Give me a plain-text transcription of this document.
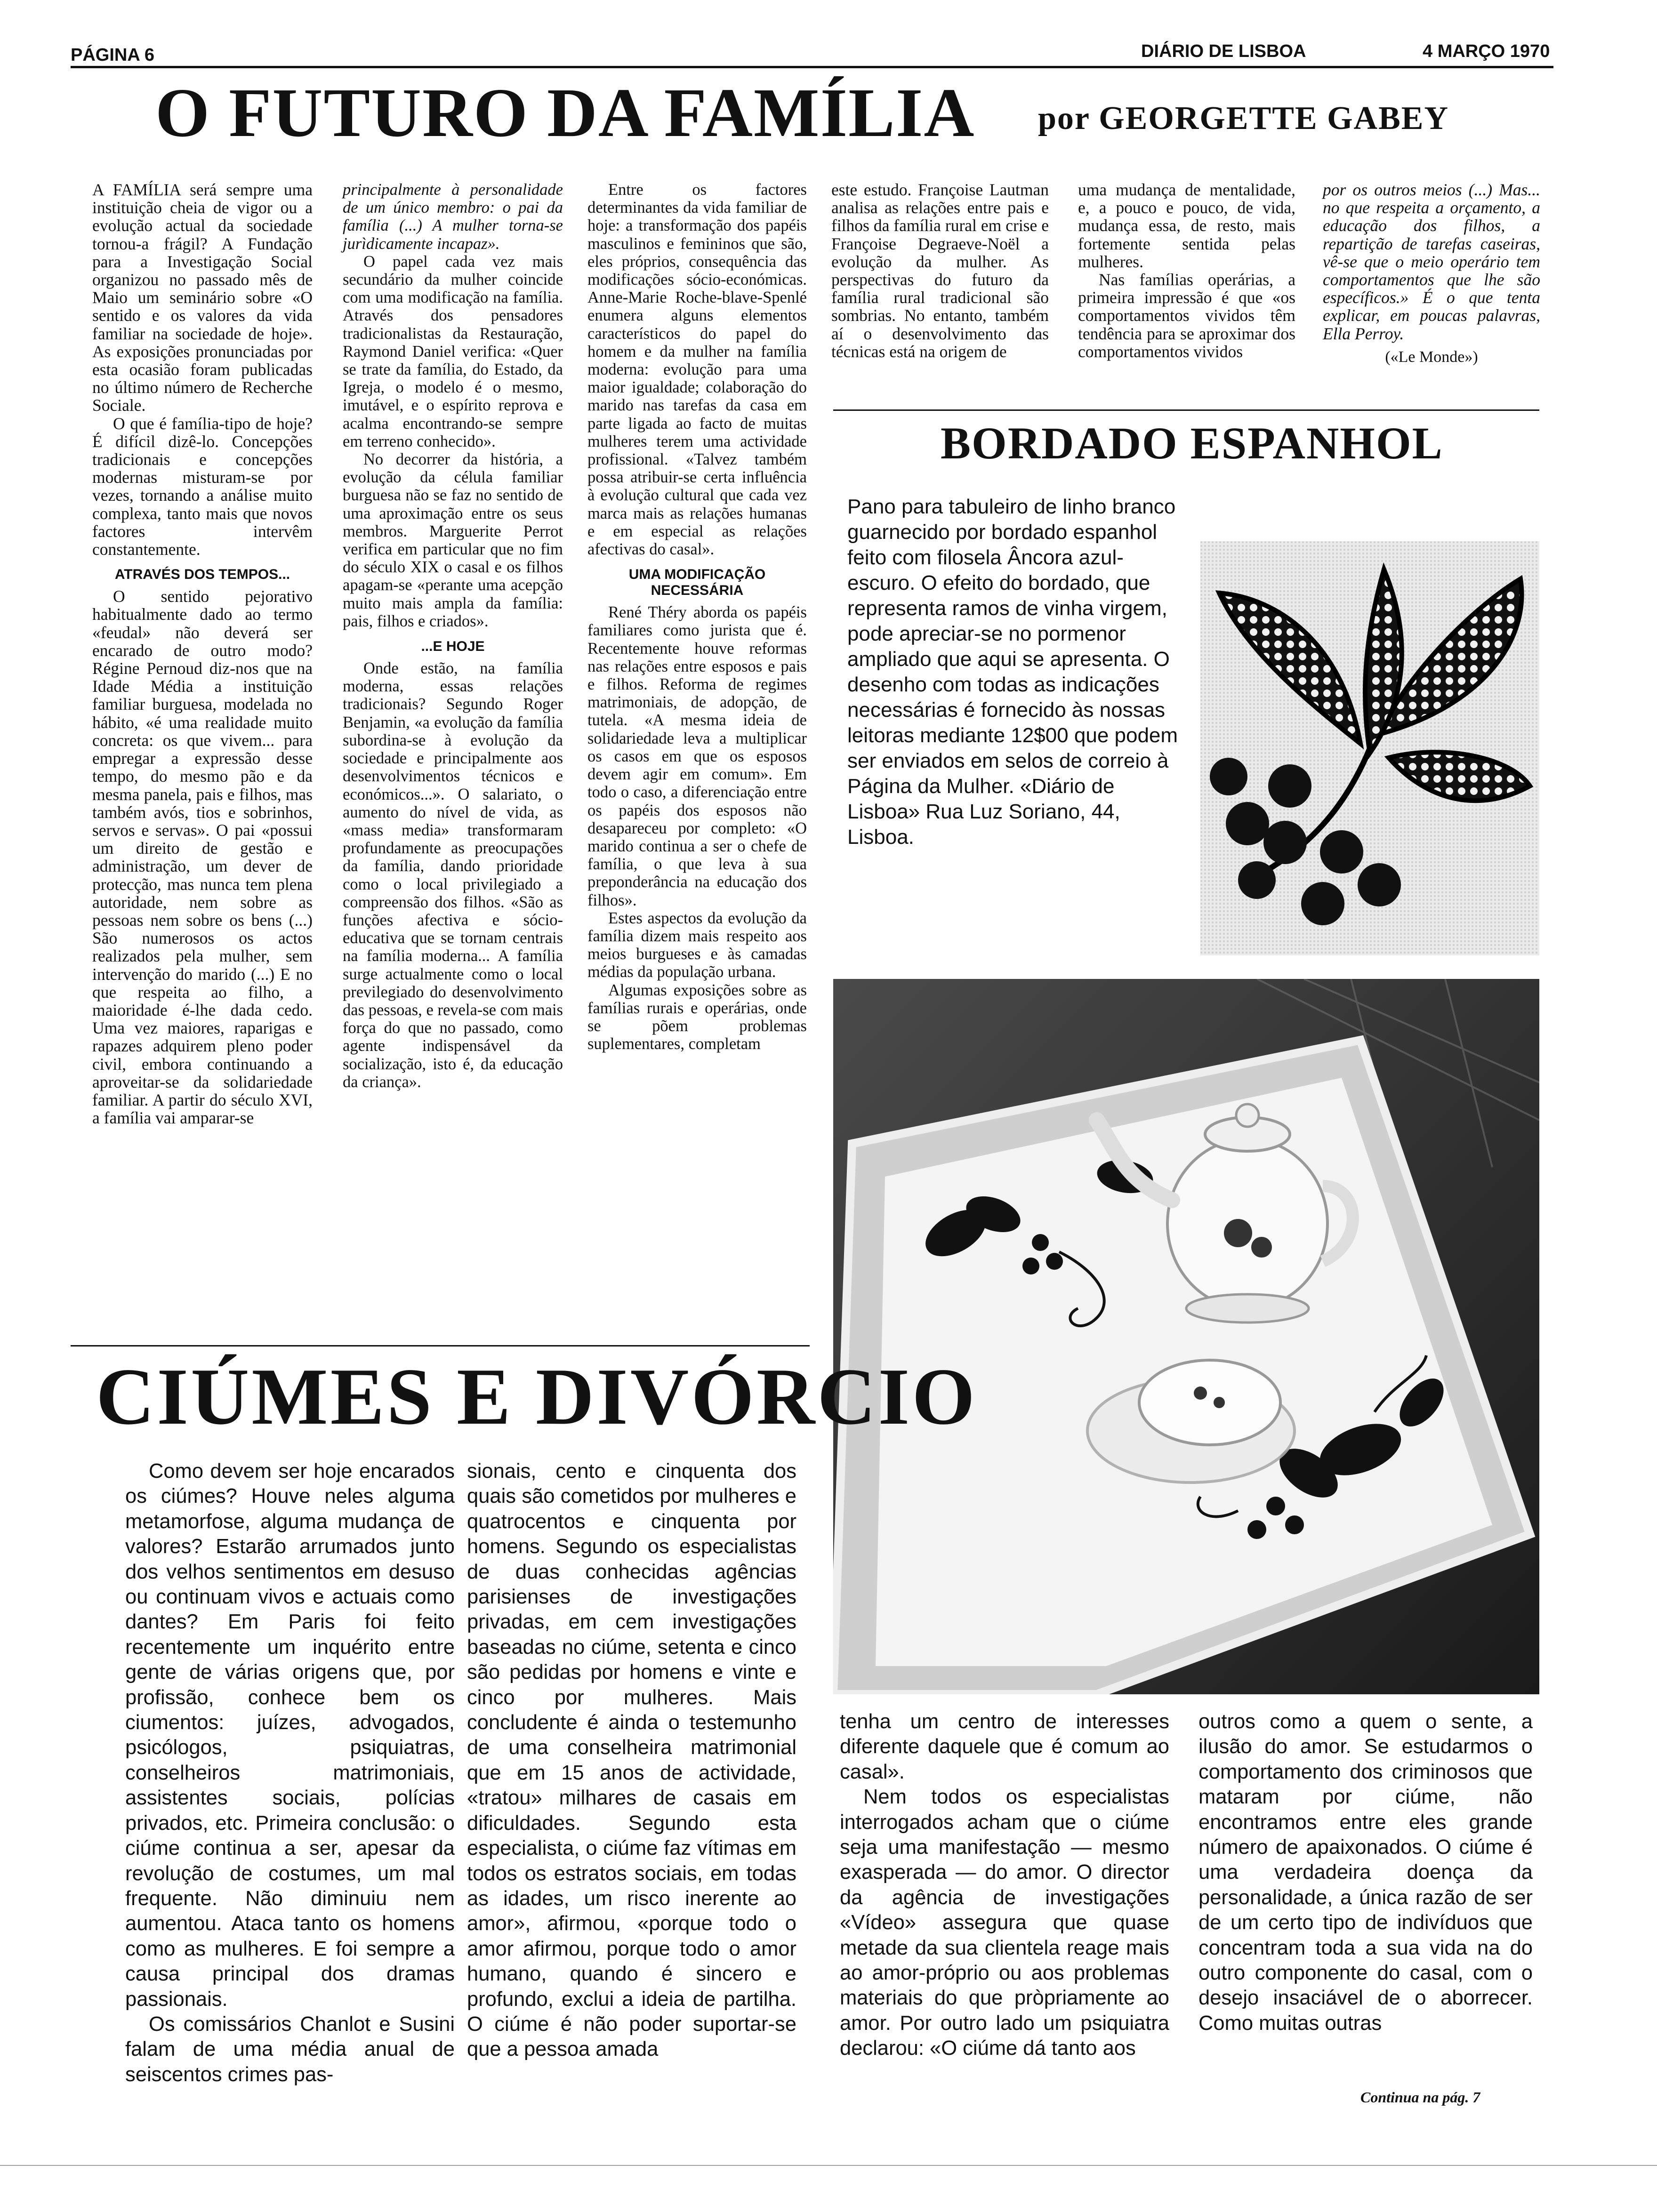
PÁGINA 6	DIÁRIO DE LISBOA	4 MARÇO 1970
O FUTURO DA FAMÍLIA por GEORGETTE GABEY

A FAMÍLIA será sempre uma instituição cheia de vigor ou a evolução actual da sociedade tornou-a frágil? A Fundação para a Investigação Social organizou no passado mês de Maio um seminário sobre «O sentido e os valores da vida familiar na sociedade de hoje». As exposições pronunciadas por esta ocasião foram publicadas no último número de Recherche Sociale.

O que é família-tipo de hoje? É difícil dizê-lo. Concepções tradicionais e concepções modernas misturam-se por vezes, tornando a análise muito complexa, tanto mais que novos factores intervêm constantemente.

ATRAVÉS DOS TEMPOS...

O sentido pejorativo habitualmente dado ao termo «feudal» não deverá ser encarado de outro modo? Régine Pernoud diz-nos que na Idade Média a instituição familiar burguesa, modelada no hábito, «é uma realidade muito concreta: os que vivem... para empregar a expressão desse tempo, do mesmo pão e da mesma panela, pais e filhos, mas também avós, tios e sobrinhos, servos e servas». O pai «possui um direito de gestão e administração, um dever de protecção, mas nunca tem plena autoridade, nem sobre as pessoas nem sobre os bens (...) São numerosos os actos realizados pela mulher, sem intervenção do marido (...) E no que respeita ao filho, a maioridade é-lhe dada cedo. Uma vez maiores, raparigas e rapazes adquirem pleno poder civil, embora continuando a aproveitar-se da solidariedade familiar. A partir do século XVI, a família vai amparar-se

principalmente à personalidade de um único membro: o pai da família (...) A mulher torna-se jurìdicamente incapaz».

O papel cada vez mais secundário da mulher coincide com uma modificação na família. Através dos pensadores tradicionalistas da Restauração, Raymond Daniel verifica: «Quer se trate da família, do Estado, da Igreja, o modelo é o mesmo, imutável, e o espírito reprova e acalma encontrando-se sempre em terreno conhecido».

No decorrer da história, a evolução da célula familiar burguesa não se faz no sentido de uma aproximação entre os seus membros. Marguerite Perrot verifica em particular que no fim do século XIX o casal e os filhos apagam-se «perante uma acepção muito mais ampla da família: pais, filhos e criados».

...E HOJE

Onde estão, na família moderna, essas relações tradicionais? Segundo Roger Benjamin, «a evolução da família subordina-se à evolução da sociedade e principalmente aos desenvolvimentos técnicos e económicos...». O salariato, o aumento do nível de vida, as «mass media» transformaram profundamente as preocupações da família, dando prioridade como o local privilegiado a compreensão dos filhos. «São as funções afectiva e sócio-educativa que se tornam centrais na família moderna... A família surge actualmente como o local previlegiado do desenvolvimento das pessoas, e revela-se com mais força do que no passado, como agente indispensável da socialização, isto é, da educação da criança».

Entre os factores determinantes da vida familiar de hoje: a transformação dos papéis masculinos e femininos que são, eles próprios, consequência das modificações sócio-económicas. Anne-Marie Roche-blave-Spenlé enumera alguns elementos característicos do papel do homem e da mulher na família moderna: evolução para uma maior igualdade; colaboração do marido nas tarefas da casa em parte ligada ao facto de muitas mulheres terem uma actividade profissional. «Talvez também possa atribuir-se certa influência à evolução cultural que cada vez marca mais as relações humanas e em especial as relações afectivas do casal».

UMA MODIFICAÇÃO NECESSÁRIA

René Théry aborda os papéis familiares como jurista que é. Recentemente houve reformas nas relações entre esposos e pais e filhos. Reforma de regimes matrimoniais, de adopção, de tutela. «A mesma ideia de solidariedade leva a multiplicar os casos em que os esposos devem agir em comum». Em todo o caso, a diferenciação entre os papéis dos esposos não desapareceu por completo: «O marido continua a ser o chefe de família, o que leva à sua preponderância na educação dos filhos».

Estes aspectos da evolução da família dizem mais respeito aos meios burgueses e às camadas médias da população urbana.

Algumas exposições sobre as famílias rurais e operárias, onde se põem problemas suplementares, completam

este estudo. Françoise Lautman analisa as relações entre pais e filhos da família rural em crise e Françoise Degraeve-Noël a evolução da mulher. As perspectivas do futuro da família rural tradicional são sombrias. No entanto, também aí o desenvolvimento das técnicas está na origem de

uma mudança de mentalidade, e, a pouco e pouco, de vida, mudança essa, de resto, mais fortemente sentida pelas mulheres.

Nas famílias operárias, a primeira impressão é que «os comportamentos vividos têm tendência para se aproximar dos comportamentos vividos

por os outros meios (...) Mas... no que respeita a orçamento, a educação dos filhos, a repartição de tarefas caseiras, vê-se que o meio operário tem comportamentos que lhe são específicos.» É o que tenta explicar, em poucas palavras, Ella Perroy.

(«Le Monde»)

BORDADO ESPANHOL
Pano para tabuleiro de linho branco guarnecido por bordado espanhol feito com filosela Âncora azul-escuro. O efeito do bordado, que representa ramos de vinha virgem, pode apreciar-se no pormenor ampliado que aqui se apresenta. O desenho com todas as indicações necessárias é fornecido às nossas leitoras mediante 12$00 que podem ser enviados em selos de correio à Página da Mulher. «Diário de Lisboa» Rua Luz Soriano, 44, Lisboa.
CIÚMES E DIVÓRCIO

Como devem ser hoje encarados os ciúmes? Houve neles alguma metamorfose, alguma mudança de valores? Estarão arrumados junto dos velhos sentimentos em desuso ou continuam vivos e actuais como dantes? Em Paris foi feito recentemente um inquérito entre gente de várias origens que, por profissão, conhece bem os ciumentos: juízes, advogados, psicólogos, psiquiatras, conselheiros matrimoniais, assistentes sociais, polícias privados, etc. Primeira conclusão: o ciúme continua a ser, apesar da revolução de costumes, um mal frequente. Não diminuiu nem aumentou. Ataca tanto os homens como as mulheres. E foi sempre a causa principal dos dramas passionais.

Os comissários Chanlot e Susini falam de uma média anual de seiscentos crimes pas-

sionais, cento e cinquenta dos quais são cometidos por mulheres e quatrocentos e cinquenta por homens. Segundo os especialistas de duas conhecidas agências parisienses de investigações privadas, em cem investigações baseadas no ciúme, setenta e cinco são pedidas por homens e vinte e cinco por mulheres. Mais concludente é ainda o testemunho de uma conselheira matrimonial que em 15 anos de actividade, «tratou» milhares de casais em dificuldades. Segundo esta especialista, o ciúme faz vítimas em todos os estratos sociais, em todas as idades, um risco inerente ao amor», afirmou, «porque todo o amor afirmou, porque todo o amor humano, quando é sincero e profundo, exclui a ideia de partilha. O ciúme é não poder suportar-se que a pessoa amada

tenha um centro de interesses diferente daquele que é comum ao casal».

Nem todos os especialistas interrogados acham que o ciúme seja uma manifestação — mesmo exasperada — do amor. O director da agência de investigações «Vídeo» assegura que quase metade da sua clientela reage mais ao amor-próprio ou aos problemas materiais do que pròpriamente ao amor. Por outro lado um psiquiatra declarou: «O ciúme dá tanto aos

outros como a quem o sente, a ilusão do amor. Se estudarmos o comportamento dos criminosos que mataram por ciúme, não encontramos entre eles grande número de apaixonados. O ciúme é uma verdadeira doença da personalidade, a única razão de ser de um certo tipo de indivíduos que concentram toda a sua vida na do outro componente do casal, com o desejo insaciável de o aborrecer. Como muitas outras

Continua na pág. 7
